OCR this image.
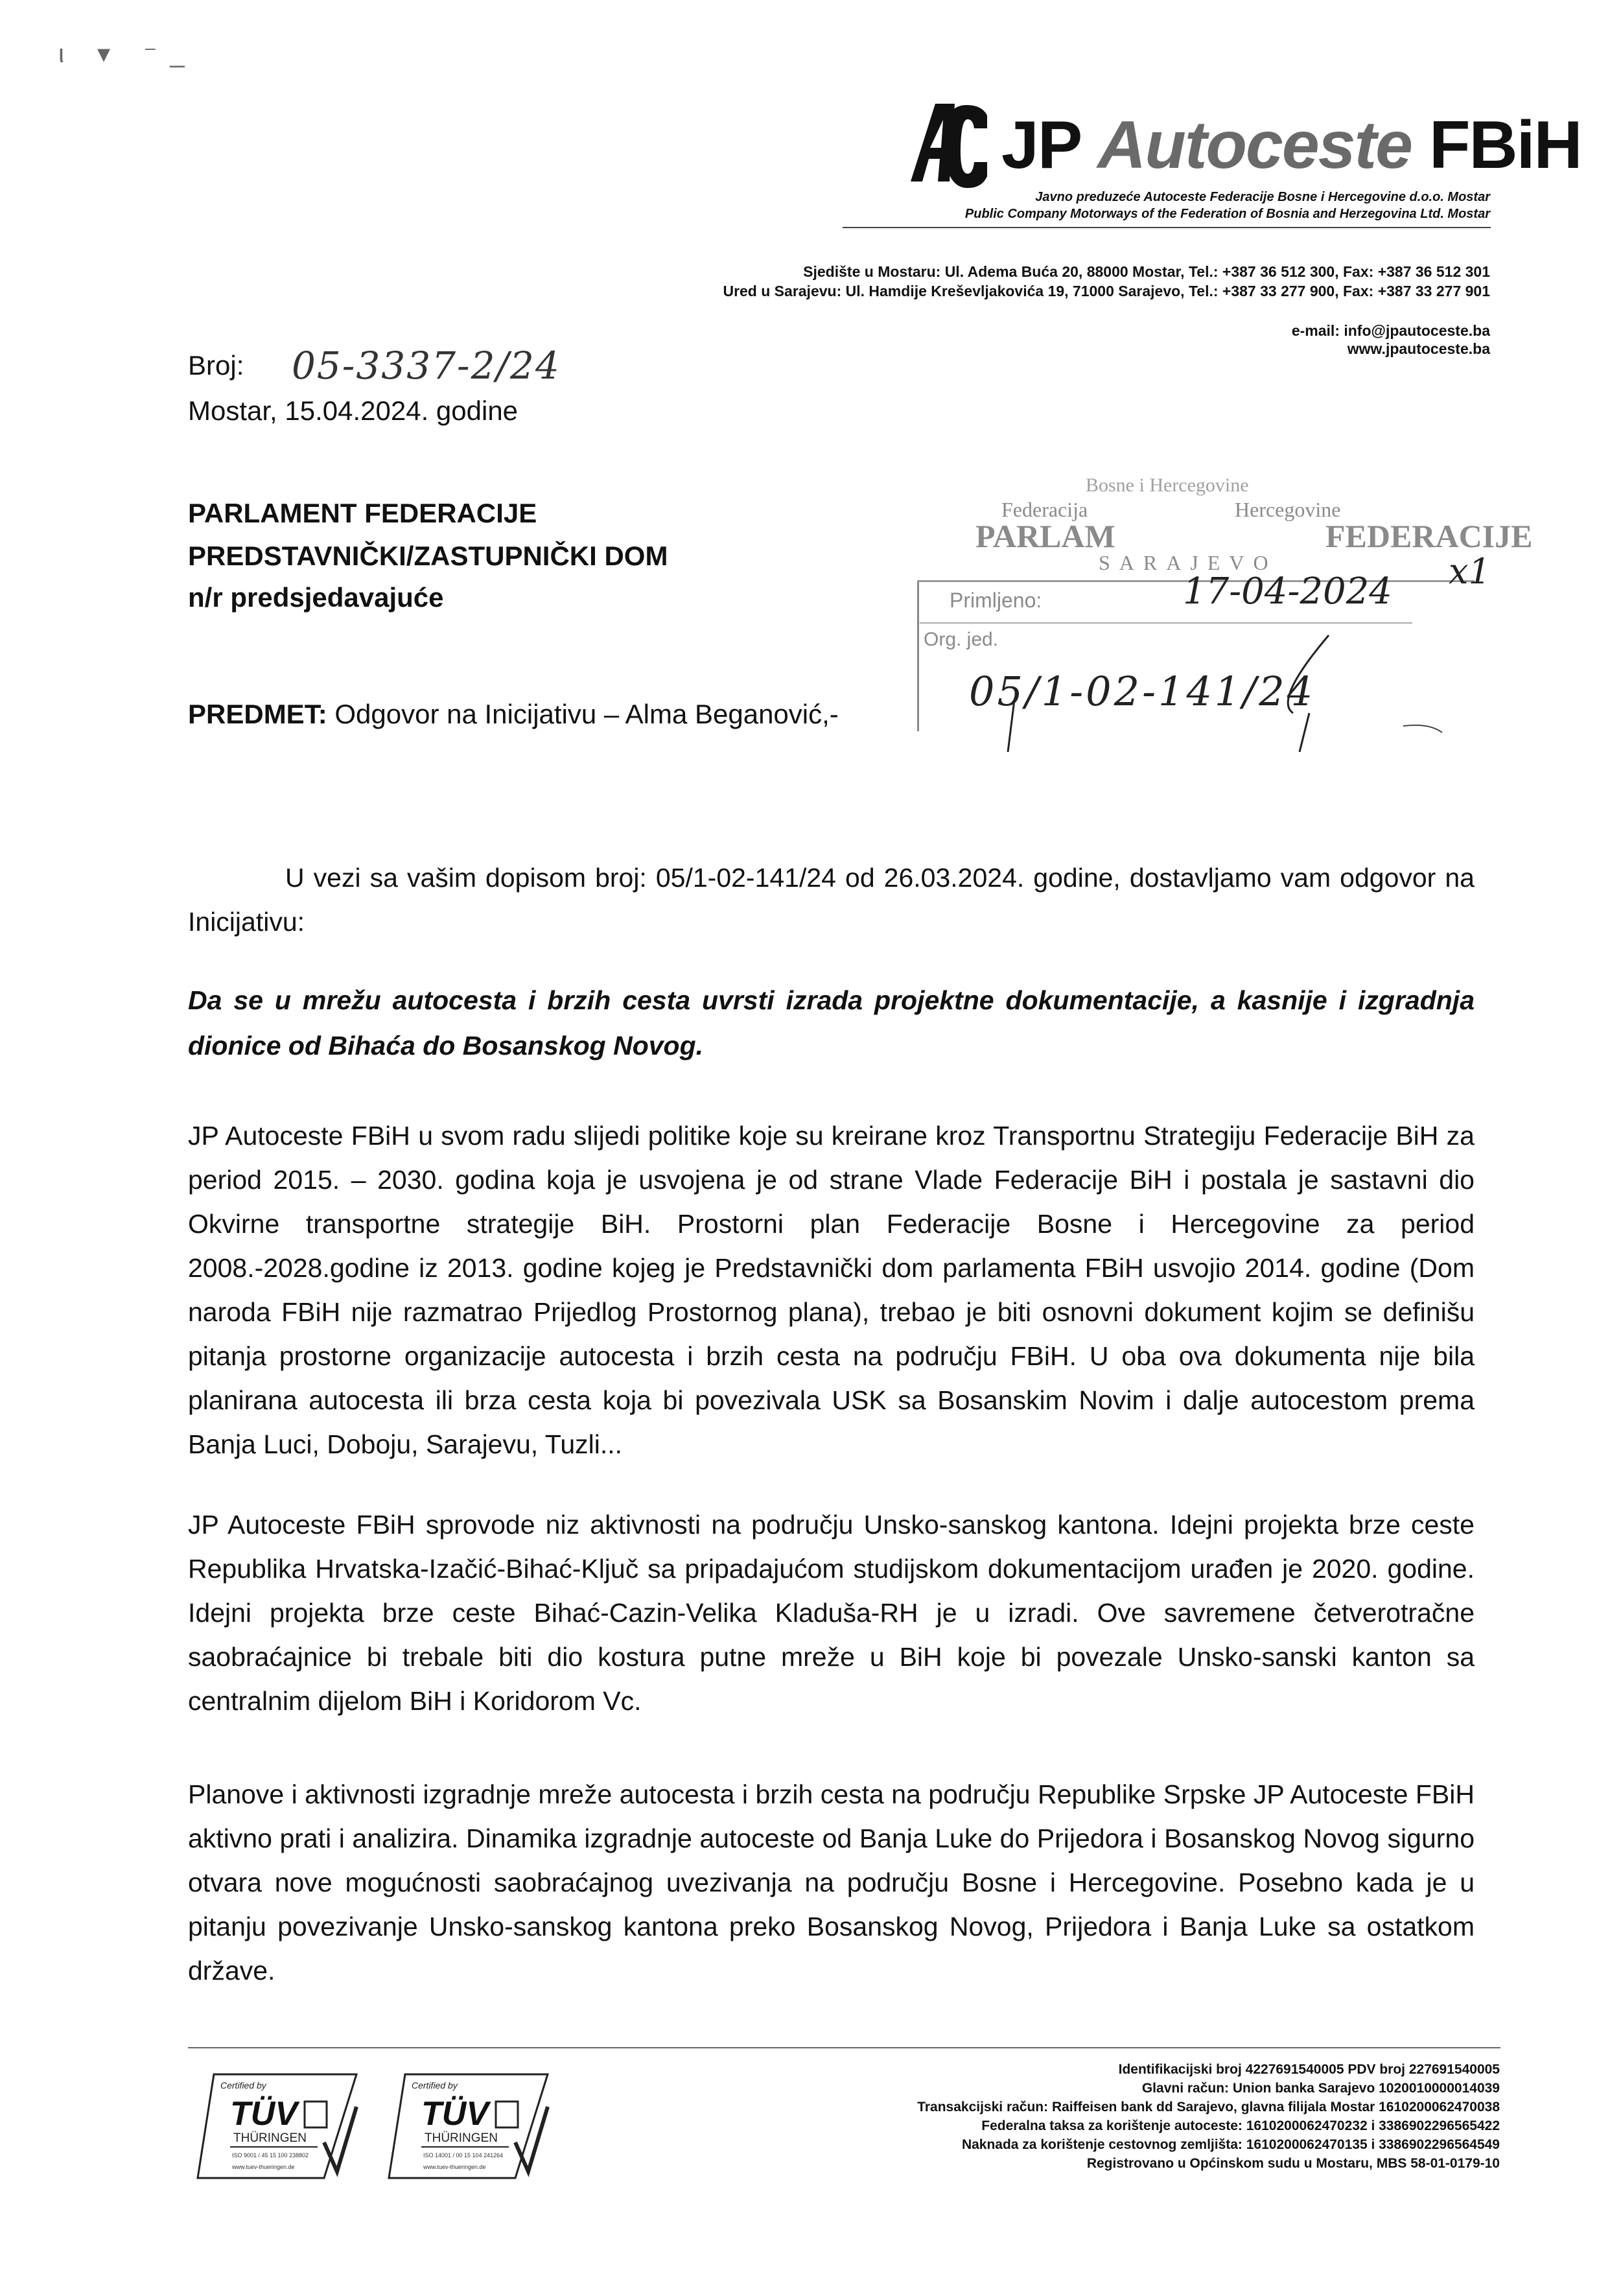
ι ▾ ⁻ ̲
JP Autoceste FBiH
Javno preduzeće Autoceste Federacije Bosne i Hercegovine d.o.o. Mostar
Public Company Motorways of the Federation of Bosnia and Herzegovina Ltd. Mostar
Sjedište u Mostaru: Ul. Adema Buća 20, 88000 Mostar, Tel.: +387 36 512 300, Fax: +387 36 512 301
Ured u Sarajevu: Ul. Hamdije Kreševljakovića 19, 71000 Sarajevo, Tel.: +387 33 277 900, Fax: +387 33 277 901
e-mail: info@jpautoceste.ba
www.jpautoceste.ba
Broj: 05-3337-2/24
Mostar, 15.04.2024. godine
PARLAMENT FEDERACIJE
PREDSTAVNIČKI/ZASTUPNIČKI DOM
n/r predsjedavajuće
Bosne i Hercegovine
Federacija	Hercegovine
PARLAM	FEDERACIJE
SARAJEVO
Primljeno:
Org. jed.
17-04-2024
05/1-02-141/24
x1
PREDMET: Odgovor na Inicijativu – Alma Beganović,-
U vezi sa vašim dopisom broj: 05/1-02-141/24 od 26.03.2024. godine, dostavljamo vam odgovor na Inicijativu:
Da se u mrežu autocesta i brzih cesta uvrsti izrada projektne dokumentacije, a kasnije i izgradnja dionice od Bihaća do Bosanskog Novog.
JP Autoceste FBiH u svom radu slijedi politike koje su kreirane kroz Transportnu Strategiju Federacije BiH za period 2015. – 2030. godina koja je usvojena je od strane Vlade Federacije BiH i postala je sastavni dio Okvirne transportne strategije BiH. Prostorni plan Federacije Bosne i Hercegovine za period 2008.-2028.godine iz 2013. godine kojeg je Predstavnički dom parlamenta FBiH usvojio 2014. godine (Dom naroda FBiH nije razmatrao Prijedlog Prostornog plana), trebao je biti osnovni dokument kojim se definišu pitanja prostorne organizacije autocesta i brzih cesta na području FBiH. U oba ova dokumenta nije bila planirana autocesta ili brza cesta koja bi povezivala USK sa Bosanskim Novim i dalje autocestom prema Banja Luci, Doboju, Sarajevu, Tuzli...
JP Autoceste FBiH sprovode niz aktivnosti na području Unsko-sanskog kantona. Idejni projekta brze ceste Republika Hrvatska-Izačić-Bihać-Ključ sa pripadajućom studijskom dokumentacijom urađen je 2020. godine. Idejni projekta brze ceste Bihać-Cazin-Velika Kladuša-RH je u izradi. Ove savremene četverotračne saobraćajnice bi trebale biti dio kostura putne mreže u BiH koje bi povezale Unsko-sanski kanton sa centralnim dijelom BiH i Koridorom Vc.
Planove i aktivnosti izgradnje mreže autocesta i brzih cesta na području Republike Srpske JP Autoceste FBiH aktivno prati i analizira. Dinamika izgradnje autoceste od Banja Luke do Prijedora i Bosanskog Novog sigurno otvara nove mogućnosti saobraćajnog uvezivanja na području Bosne i Hercegovine. Posebno kada je u pitanju povezivanje Unsko-sanskog kantona preko Bosanskog Novog, Prijedora i Banja Luke sa ostatkom države.
Certified by
TÜV
THÜRINGEN
ISO 9001 / 45 15 100 238802
www.tuev-thueringen.de
Certified by
TÜV
THÜRINGEN
ISO 14001 / 00 15 104 241264
www.tuev-thueringen.de
Identifikacijski broj 4227691540005 PDV broj 227691540005
Glavni račun: Union banka Sarajevo 1020010000014039
Transakcijski račun: Raiffeisen bank dd Sarajevo, glavna filijala Mostar 1610200062470038
Federalna taksa za korištenje autoceste: 1610200062470232 i 3386902296565422
Naknada za korištenje cestovnog zemljišta: 1610200062470135 i 3386902296564549
Registrovano u Općinskom sudu u Mostaru, MBS 58-01-0179-10
